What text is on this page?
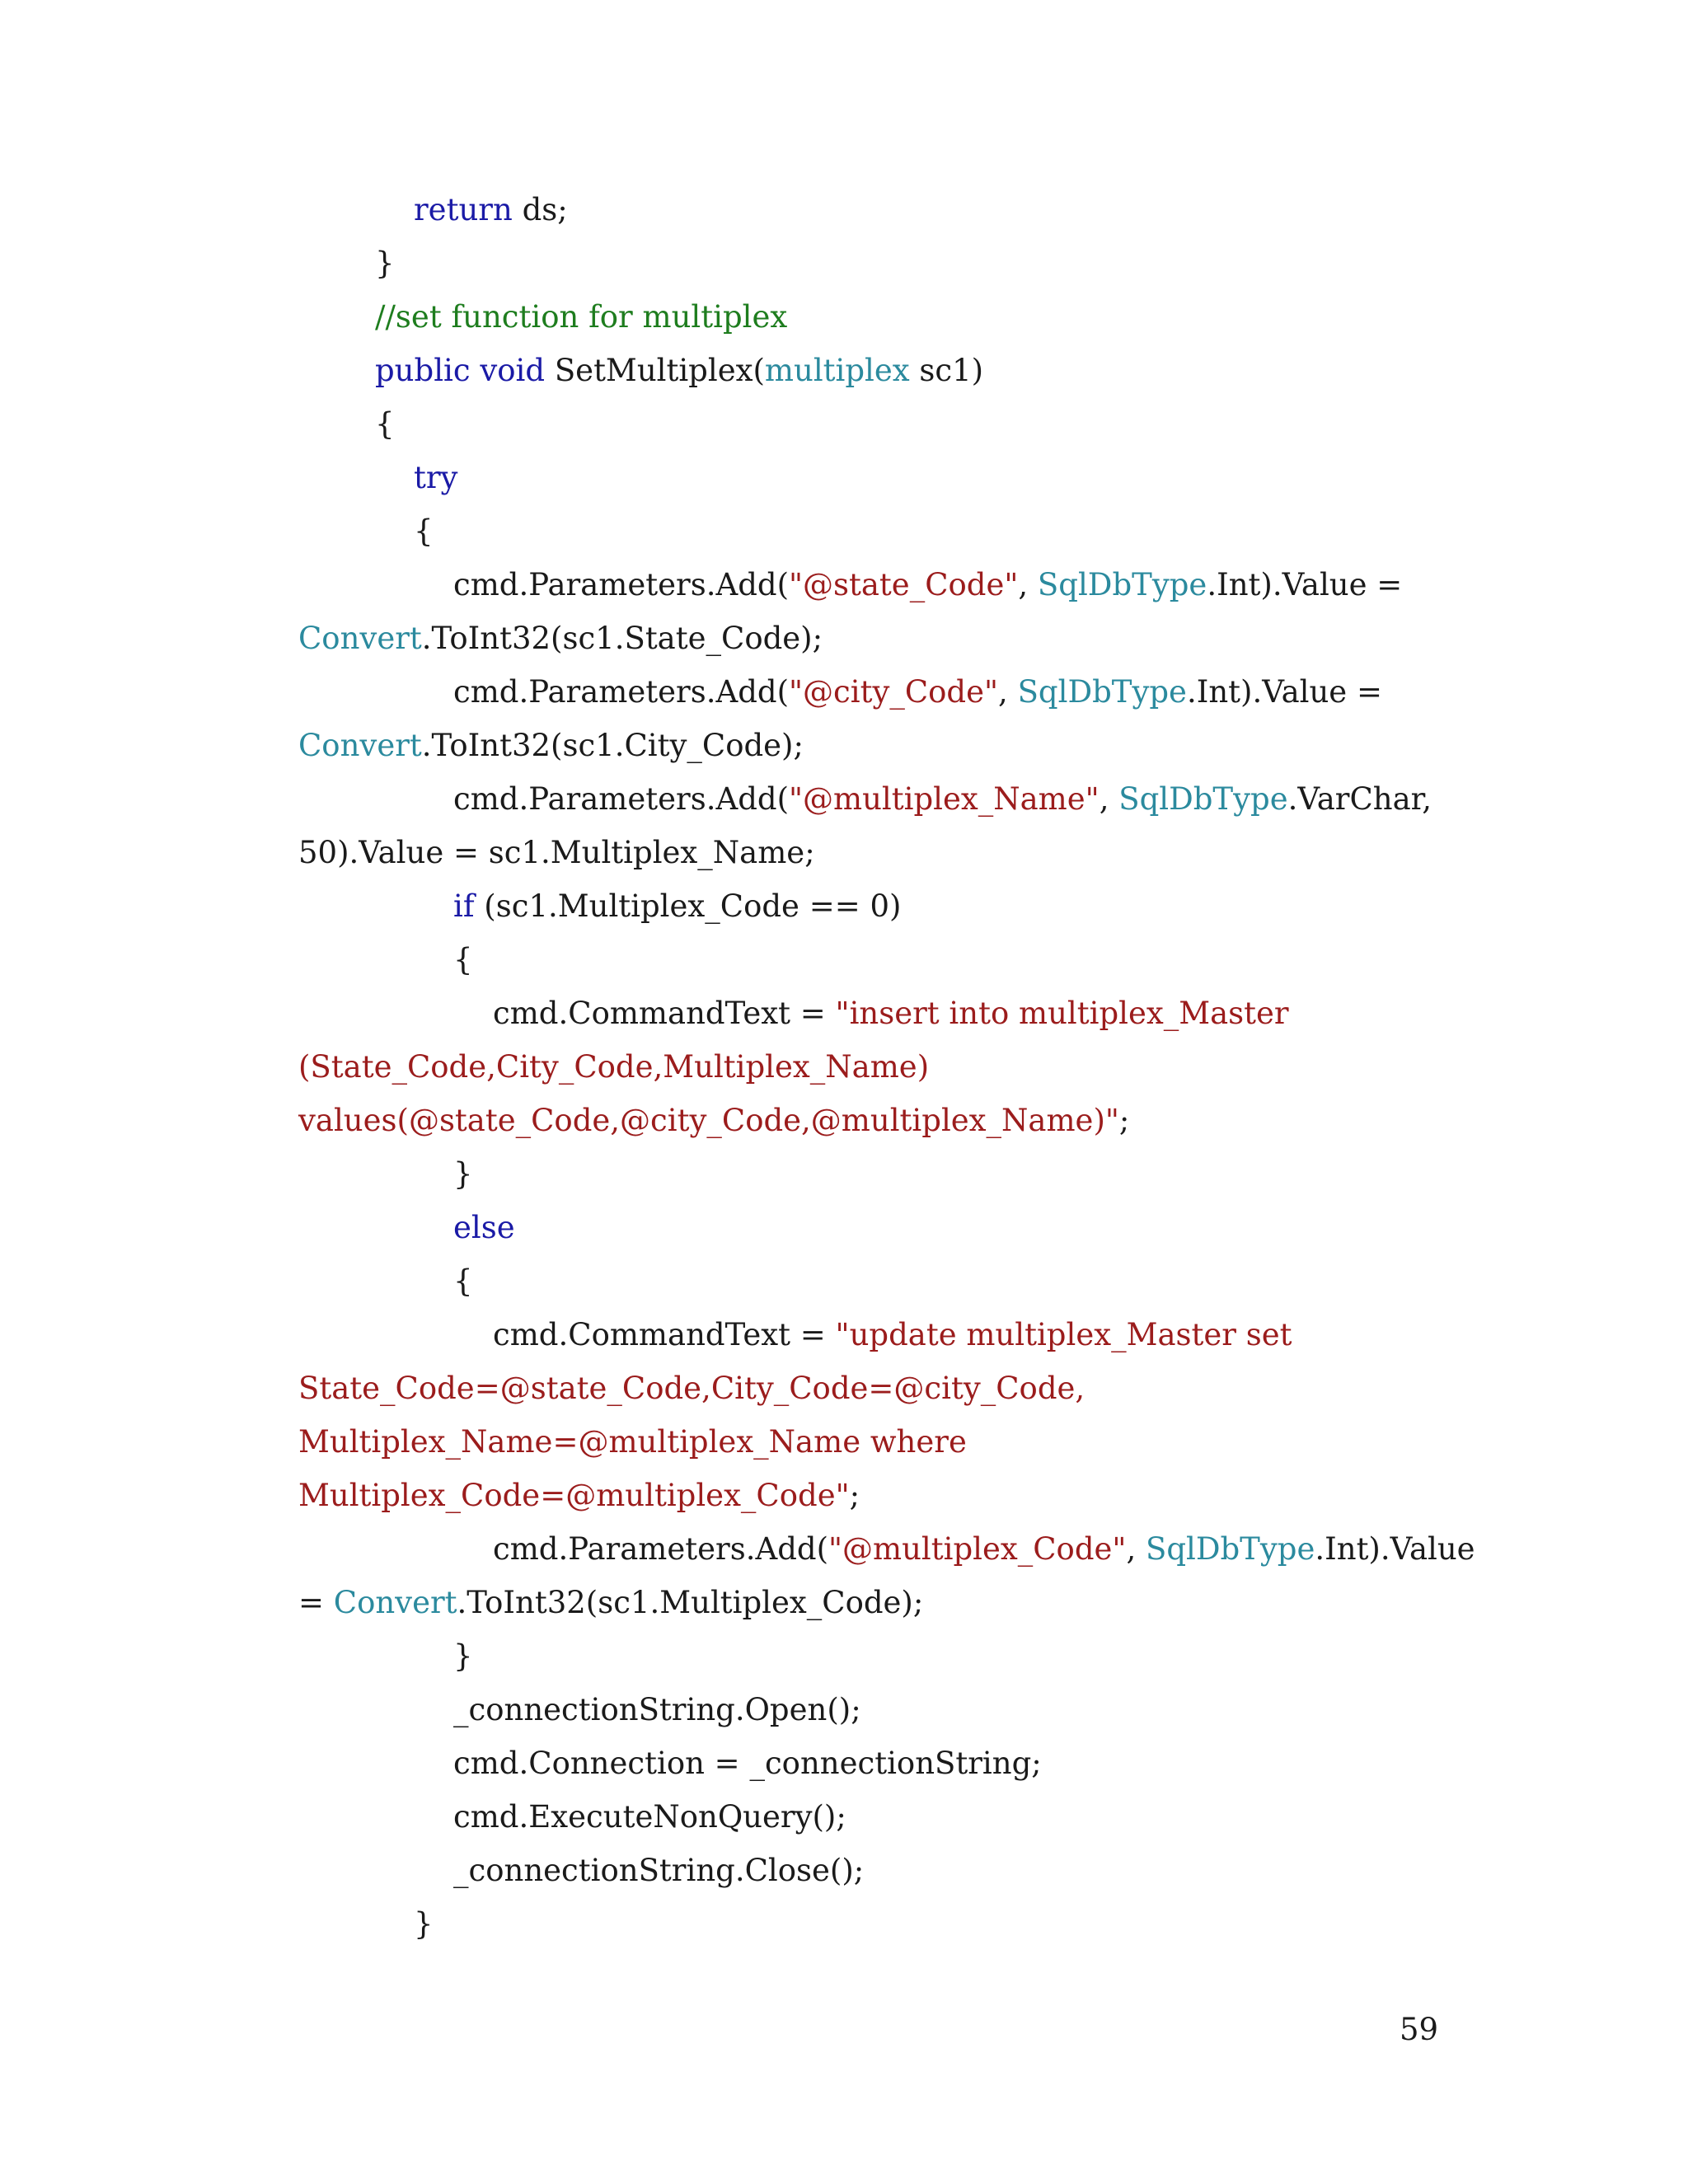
return ds;
}
//set function for multiplex
public void SetMultiplex(multiplex sc1)
{
try
{
cmd.Parameters.Add("@state_Code", SqlDbType.Int).Value =
Convert.ToInt32(sc1.State_Code);
cmd.Parameters.Add("@city_Code", SqlDbType.Int).Value =
Convert.ToInt32(sc1.City_Code);
cmd.Parameters.Add("@multiplex_Name", SqlDbType.VarChar,
50).Value = sc1.Multiplex_Name;
if (sc1.Multiplex_Code == 0)
{
cmd.CommandText = "insert into multiplex_Master
(State_Code,City_Code,Multiplex_Name)
values(@state_Code,@city_Code,@multiplex_Name)";
}
else
{
cmd.CommandText = "update multiplex_Master set
State_Code=@state_Code,City_Code=@city_Code,
Multiplex_Name=@multiplex_Name where
Multiplex_Code=@multiplex_Code";
cmd.Parameters.Add("@multiplex_Code", SqlDbType.Int).Value
= Convert.ToInt32(sc1.Multiplex_Code);
}
_connectionString.Open();
cmd.Connection = _connectionString;
cmd.ExecuteNonQuery();
_connectionString.Close();
}
59
